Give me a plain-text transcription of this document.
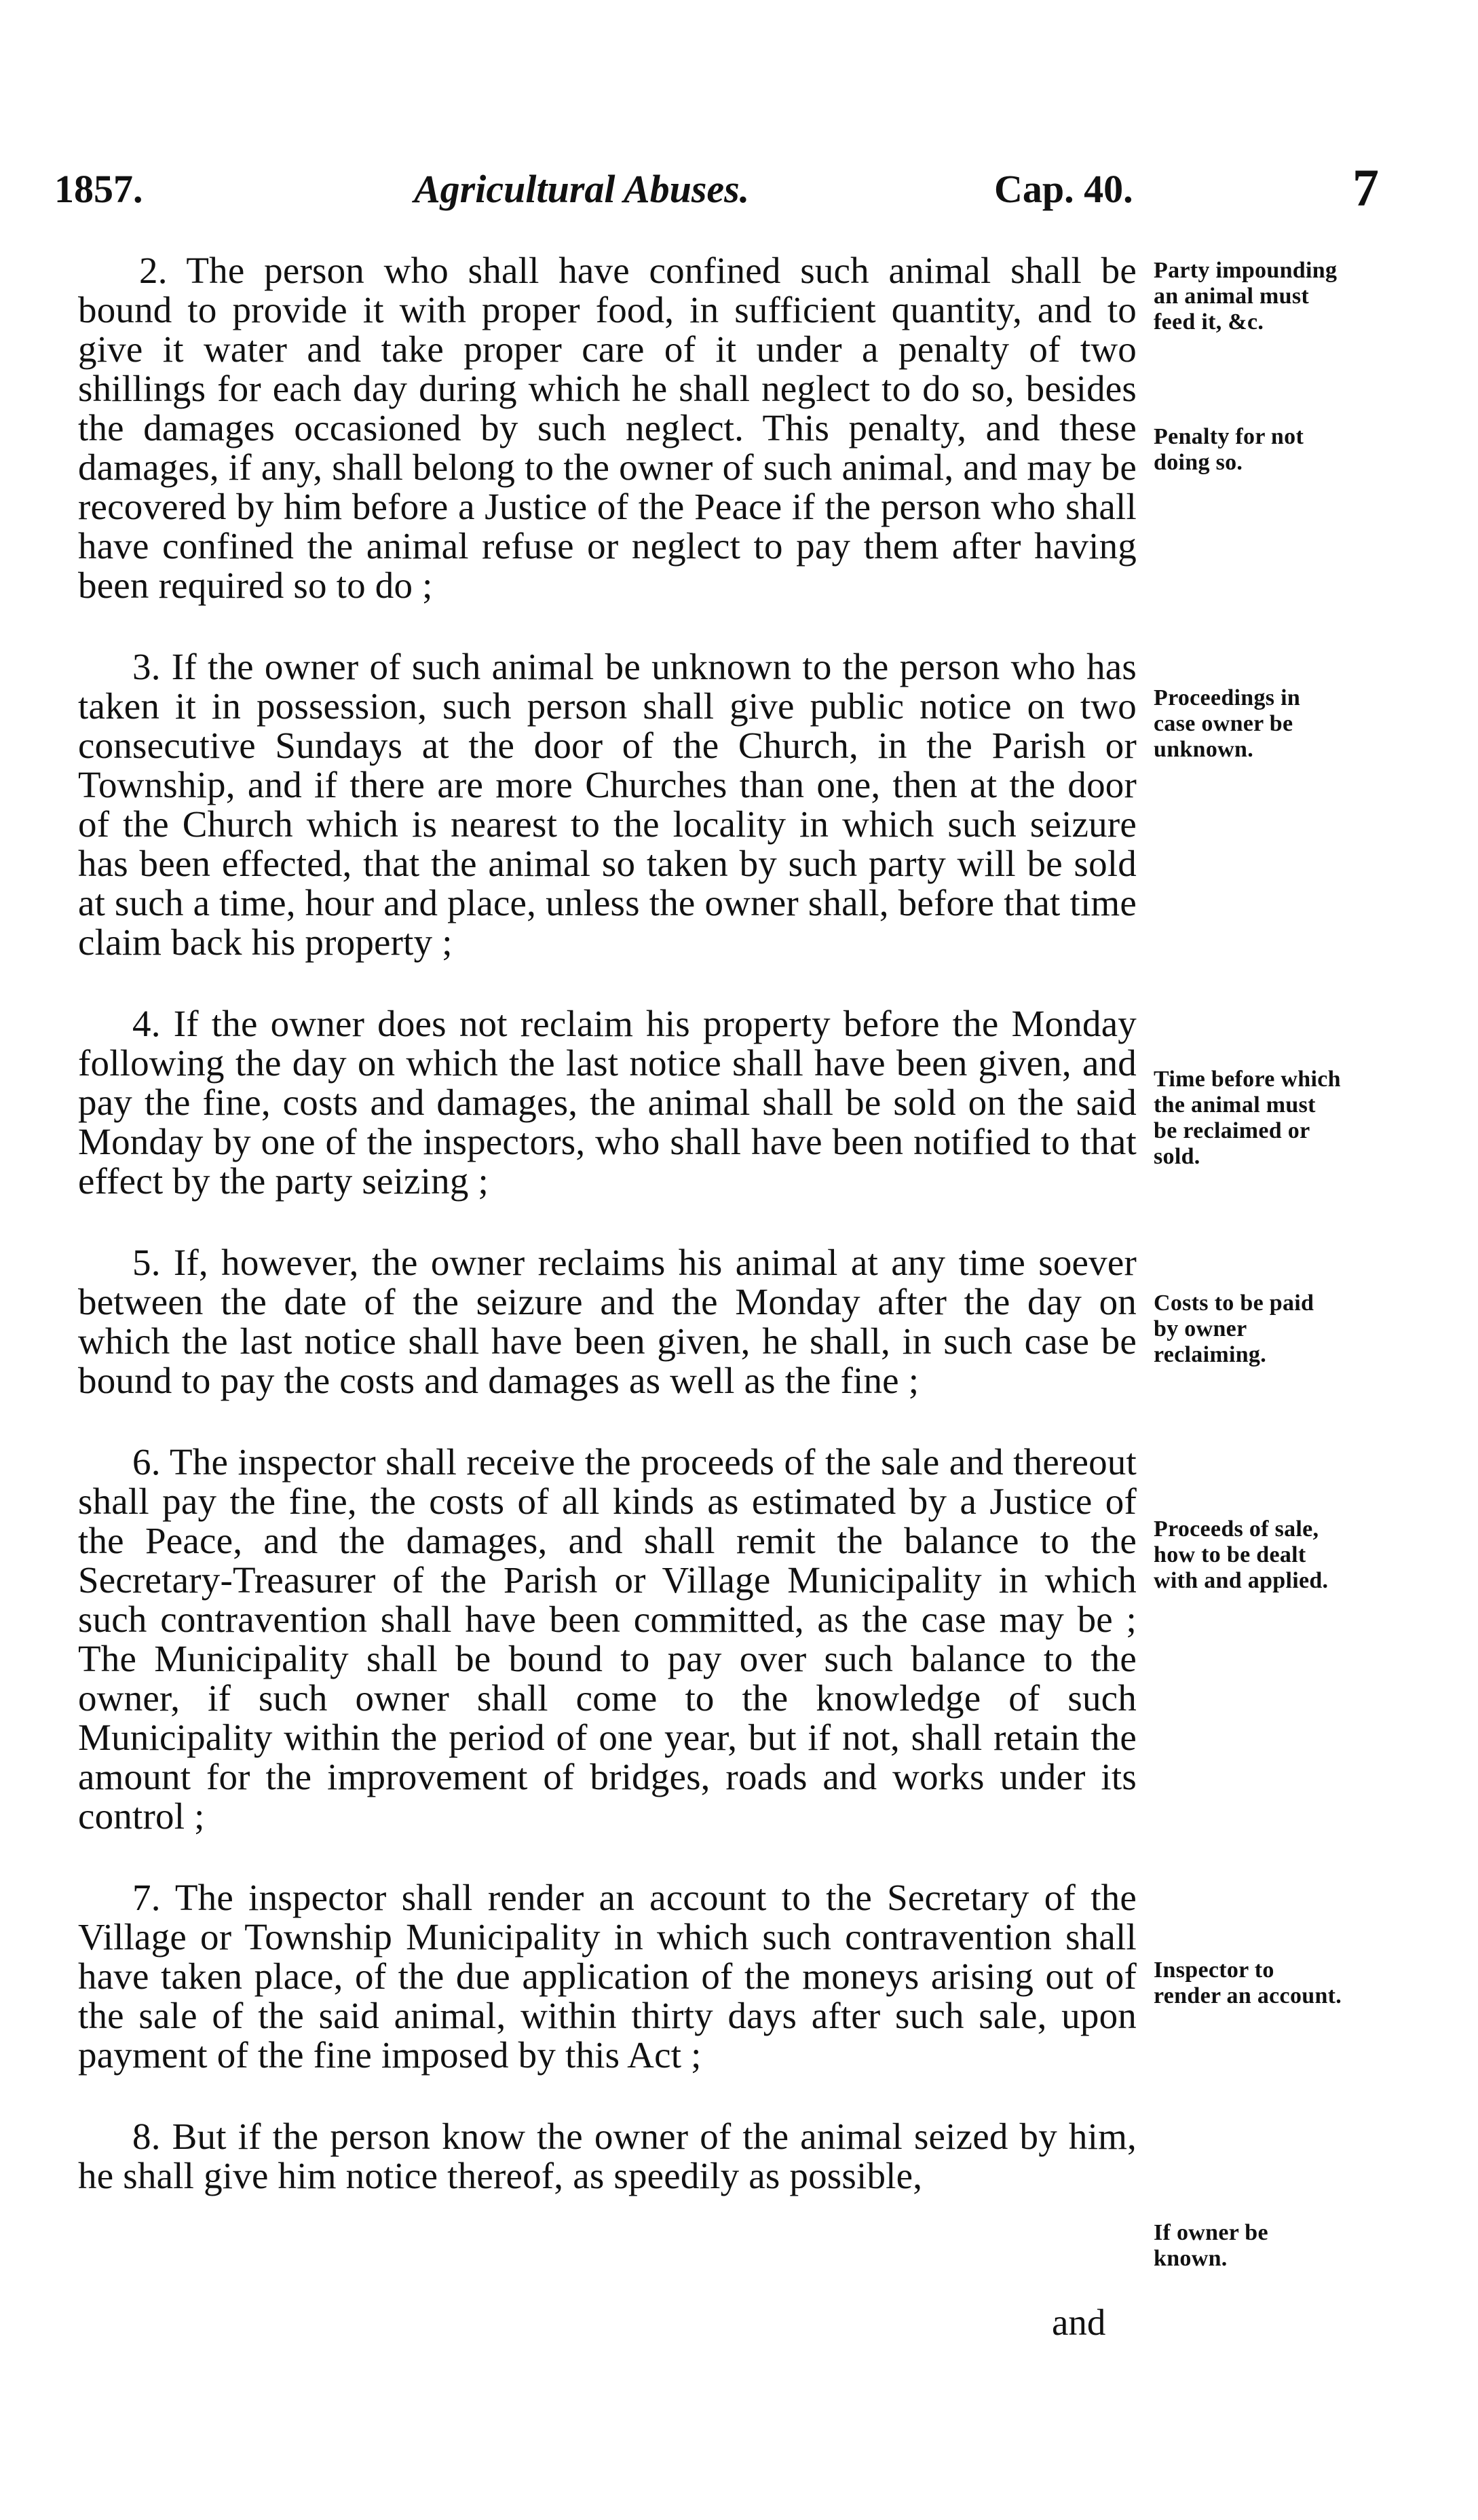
1857.	Agricultural Abuses.	Cap. 40.	7

2. The person who shall have confined such animal shall be bound to provide it with proper food, in sufficient quantity, and to give it water and take proper care of it under a penalty of two shillings for each day during which he shall neglect to do so, besides the damages occasioned by such neglect. This penalty, and these damages, if any, shall belong to the owner of such animal, and may be recovered by him before a Justice of the Peace if the person who shall have confined the animal refuse or neglect to pay them after having been required so to do ;

3. If the owner of such animal be unknown to the person who has taken it in possession, such person shall give public notice on two consecutive Sundays at the door of the Church, in the Parish or Township, and if there are more Churches than one, then at the door of the Church which is nearest to the locality in which such seizure has been effected, that the animal so taken by such party will be sold at such a time, hour and place, unless the owner shall, before that time claim back his property ;

4. If the owner does not reclaim his property before the Monday following the day on which the last notice shall have been given, and pay the fine, costs and damages, the animal shall be sold on the said Monday by one of the inspectors, who shall have been notified to that effect by the party seizing ;

5. If, however, the owner reclaims his animal at any time soever between the date of the seizure and the Monday after the day on which the last notice shall have been given, he shall, in such case be bound to pay the costs and damages as well as the fine ;

6. The inspector shall receive the proceeds of the sale and thereout shall pay the fine, the costs of all kinds as estimated by a Justice of the Peace, and the damages, and shall remit the balance to the Secretary-Treasurer of the Parish or Village Municipality in which such contravention shall have been committed, as the case may be ; The Municipality shall be bound to pay over such balance to the owner, if such owner shall come to the knowledge of such Municipality within the period of one year, but if not, shall retain the amount for the improvement of bridges, roads and works under its control ;

7. The inspector shall render an account to the Secretary of the Village or Township Municipality in which such contravention shall have taken place, of the due application of the moneys arising out of the sale of the said animal, within thirty days after such sale, upon payment of the fine imposed by this Act ;

8. But if the person know the owner of the animal seized by him, he shall give him notice thereof, as speedily as possible,

and
Party impounding an animal must feed it, &c.
Penalty for not doing so.
Proceedings in case owner be unknown.
Time before which the animal must be reclaimed or sold.
Costs to be paid by owner reclaiming.
Proceeds of sale, how to be dealt with and applied.
Inspector to render an account.
If owner be known.
